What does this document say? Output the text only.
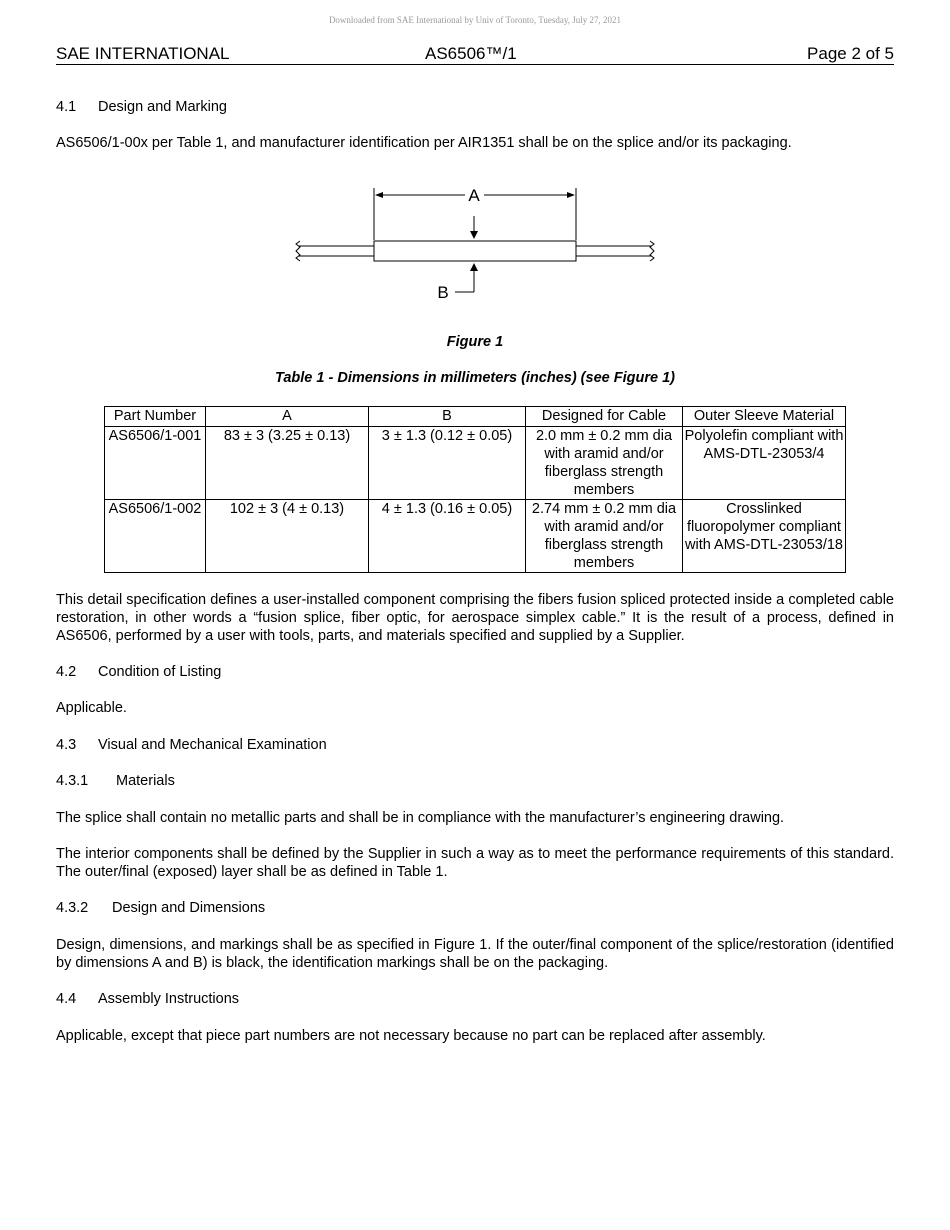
Downloaded from SAE International by Univ of Toronto, Tuesday, July 27, 2021
SAE INTERNATIONAL	AS6506™/1	Page 2 of 5
4.1 Design and Marking
AS6506/1-00x per Table 1, and manufacturer identification per AIR1351 shall be on the splice and/or its packaging.
A
B
Figure 1
Table 1 - Dimensions in millimeters (inches) (see Figure 1)
Part Number	A	B	Designed for Cable	Outer Sleeve Material
AS6506/1-001	83 ± 3 (3.25 ± 0.13)	3 ± 1.3 (0.12 ± 0.05)	2.0 mm ± 0.2 mm dia with aramid and/or fiberglass strength members	Polyolefin compliant with AMS-DTL-23053/4
AS6506/1-002	102 ± 3 (4 ± 0.13)	4 ± 1.3 (0.16 ± 0.05)	2.74 mm ± 0.2 mm dia with aramid and/or fiberglass strength members	Crosslinked fluoropolymer compliant with AMS-DTL-23053/18
This detail specification defines a user-installed component comprising the fibers fusion spliced protected inside a completed cable restoration, in other words a “fusion splice, fiber optic, for aerospace simplex cable.” It is the result of a process, defined in AS6506, performed by a user with tools, parts, and materials specified and supplied by a Supplier.
4.2 Condition of Listing
Applicable.
4.3 Visual and Mechanical Examination
4.3.1 Materials
The splice shall contain no metallic parts and shall be in compliance with the manufacturer’s engineering drawing.
The interior components shall be defined by the Supplier in such a way as to meet the performance requirements of this standard. The outer/final (exposed) layer shall be as defined in Table 1.
4.3.2 Design and Dimensions
Design, dimensions, and markings shall be as specified in Figure 1. If the outer/final component of the splice/restoration (identified by dimensions A and B) is black, the identification markings shall be on the packaging.
4.4 Assembly Instructions
Applicable, except that piece part numbers are not necessary because no part can be replaced after assembly.
